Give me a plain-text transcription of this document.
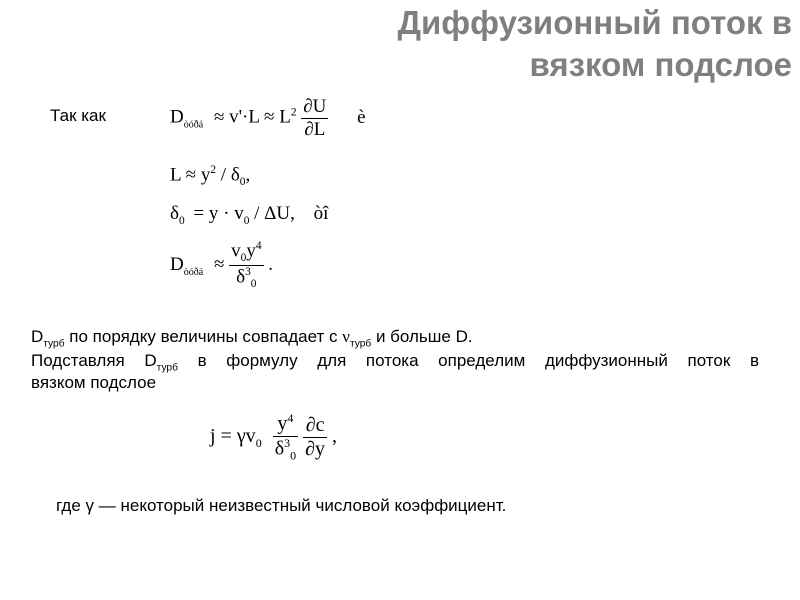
Диффузионный поток в
вязком подслое
Так как	$D_{òóðá} \approx v'\cdot L \approx L^2 \frac{\partial U}{\partial L}$ è
$L \approx y^2 / \delta_0$,
$\delta_0 = y \cdot v_0 / \Delta U$, òî
$D_{òóðá} \approx \frac{v_0y^4}{\delta^3_0}$ .
$D_{турб}$ по порядку величины совпадает с $\nu_{турб}$ и больше D.
Подставляя $D_{турб}$ в формулу для потока определим диффузионный поток в
вязком подслое
$j = \gamma v_0 \frac{y^4}{\delta^3_0}$
$\frac{\partial c}{\partial y}$ ,
где γ — некоторый неизвестный числовой коэффициент.
